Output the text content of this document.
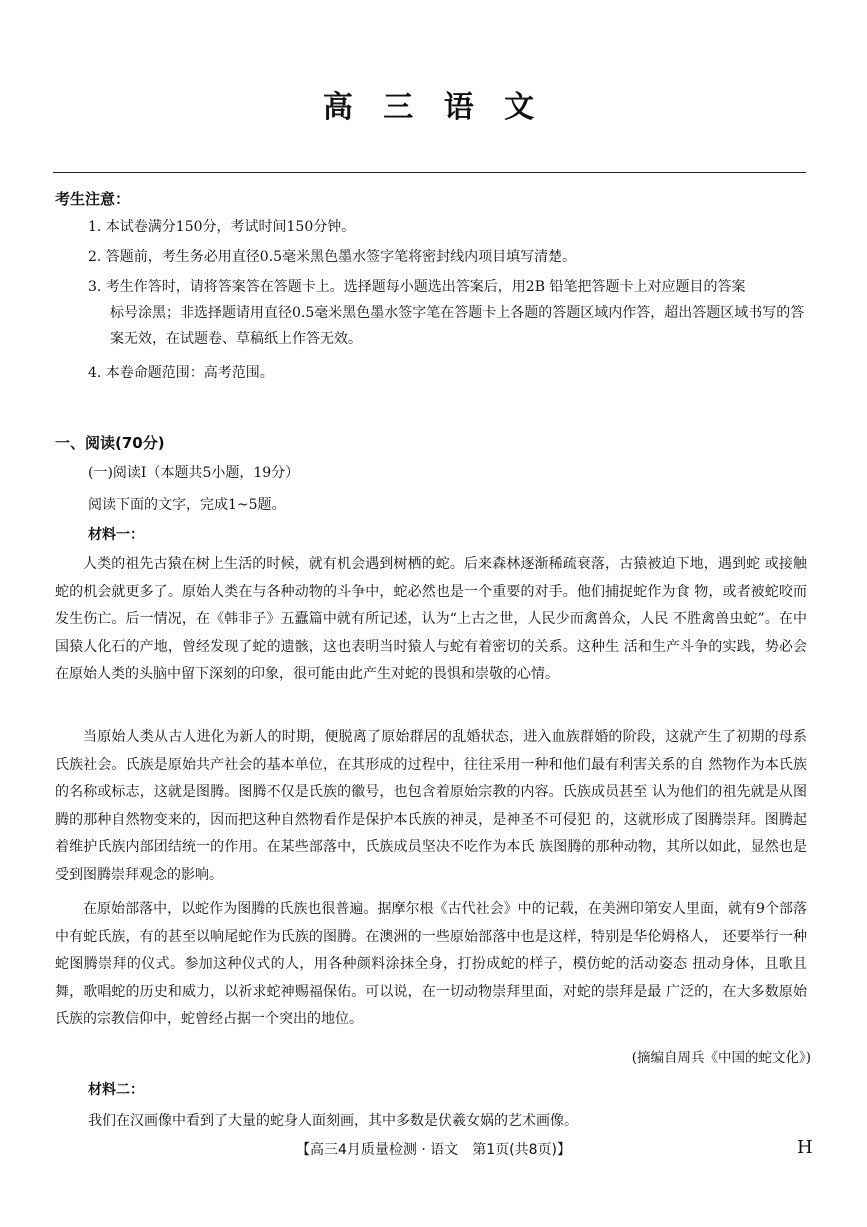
高 三 语 文
考生注意：
1. 本试卷满分150分，考试时间150分钟。
2. 答题前，考生务必用直径0.5毫米黑色墨水签字笔将密封线内项目填写清楚。
3. 考生作答时，请将答案答在答题卡上。选择题每小题选出答案后，用2B 铅笔把答题卡上对应题目的答案
标号涂黑；非选择题请用直径0.5毫米黑色墨水签字笔在答题卡上各题的答题区域内作答，超出答题区域书写的答案无效，在试题卷、草稿纸上作答无效。
4. 本卷命题范围：高考范围。
一、阅读(70分)
(一)阅读I（本题共5小题，19分）
阅读下面的文字，完成1~5题。
材料一：

人类的祖先古猿在树上生活的时候，就有机会遇到树栖的蛇。后来森林逐渐稀疏衰落，古猿被迫下地，遇到蛇 或接触蛇的机会就更多了。原始人类在与各种动物的斗争中，蛇必然也是一个重要的对手。他们捕捉蛇作为食 物，或者被蛇咬而发生伤亡。后一情况，在《韩非子》五蠹篇中就有所记述，认为“上古之世，人民少而禽兽众，人民 不胜禽兽虫蛇”。在中国猿人化石的产地，曾经发现了蛇的遗骸，这也表明当时猿人与蛇有着密切的关系。这种生 活和生产斗争的实践，势必会在原始人类的头脑中留下深刻的印象，很可能由此产生对蛇的畏惧和崇敬的心情。

当原始人类从古人进化为新人的时期，便脱离了原始群居的乱婚状态，进入血族群婚的阶段，这就产生了初期的母系氏族社会。氏族是原始共产社会的基本单位，在其形成的过程中，往往采用一种和他们最有利害关系的自 然物作为本氏族的名称或标志，这就是图腾。图腾不仅是氏族的徽号，也包含着原始宗教的内容。氏族成员甚至 认为他们的祖先就是从图腾的那种自然物变来的，因而把这种自然物看作是保护本氏族的神灵，是神圣不可侵犯 的，这就形成了图腾崇拜。图腾起着维护氏族内部团结统一的作用。在某些部落中，氏族成员坚决不吃作为本氏 族图腾的那种动物，其所以如此，显然也是受到图腾崇拜观念的影响。

在原始部落中，以蛇作为图腾的氏族也很普遍。据摩尔根《古代社会》中的记载，在美洲印第安人里面，就有9个部落中有蛇氏族，有的甚至以响尾蛇作为氏族的图腾。在澳洲的一些原始部落中也是这样，特别是华伦姆格人， 还要举行一种蛇图腾崇拜的仪式。参加这种仪式的人，用各种颜料涂抹全身，打扮成蛇的样子，模仿蛇的活动姿态 扭动身体，且歌且舞，歌唱蛇的历史和威力，以祈求蛇神赐福保佑。可以说，在一切动物崇拜里面，对蛇的崇拜是最 广泛的，在大多数原始氏族的宗教信仰中，蛇曾经占据一个突出的地位。

(摘编自周兵《中国的蛇文化》)
材料二：
我们在汉画像中看到了大量的蛇身人面刻画，其中多数是伏羲女娲的艺术画像。
【高三4月质量检测 · 语文　第1页(共8页)】	H
